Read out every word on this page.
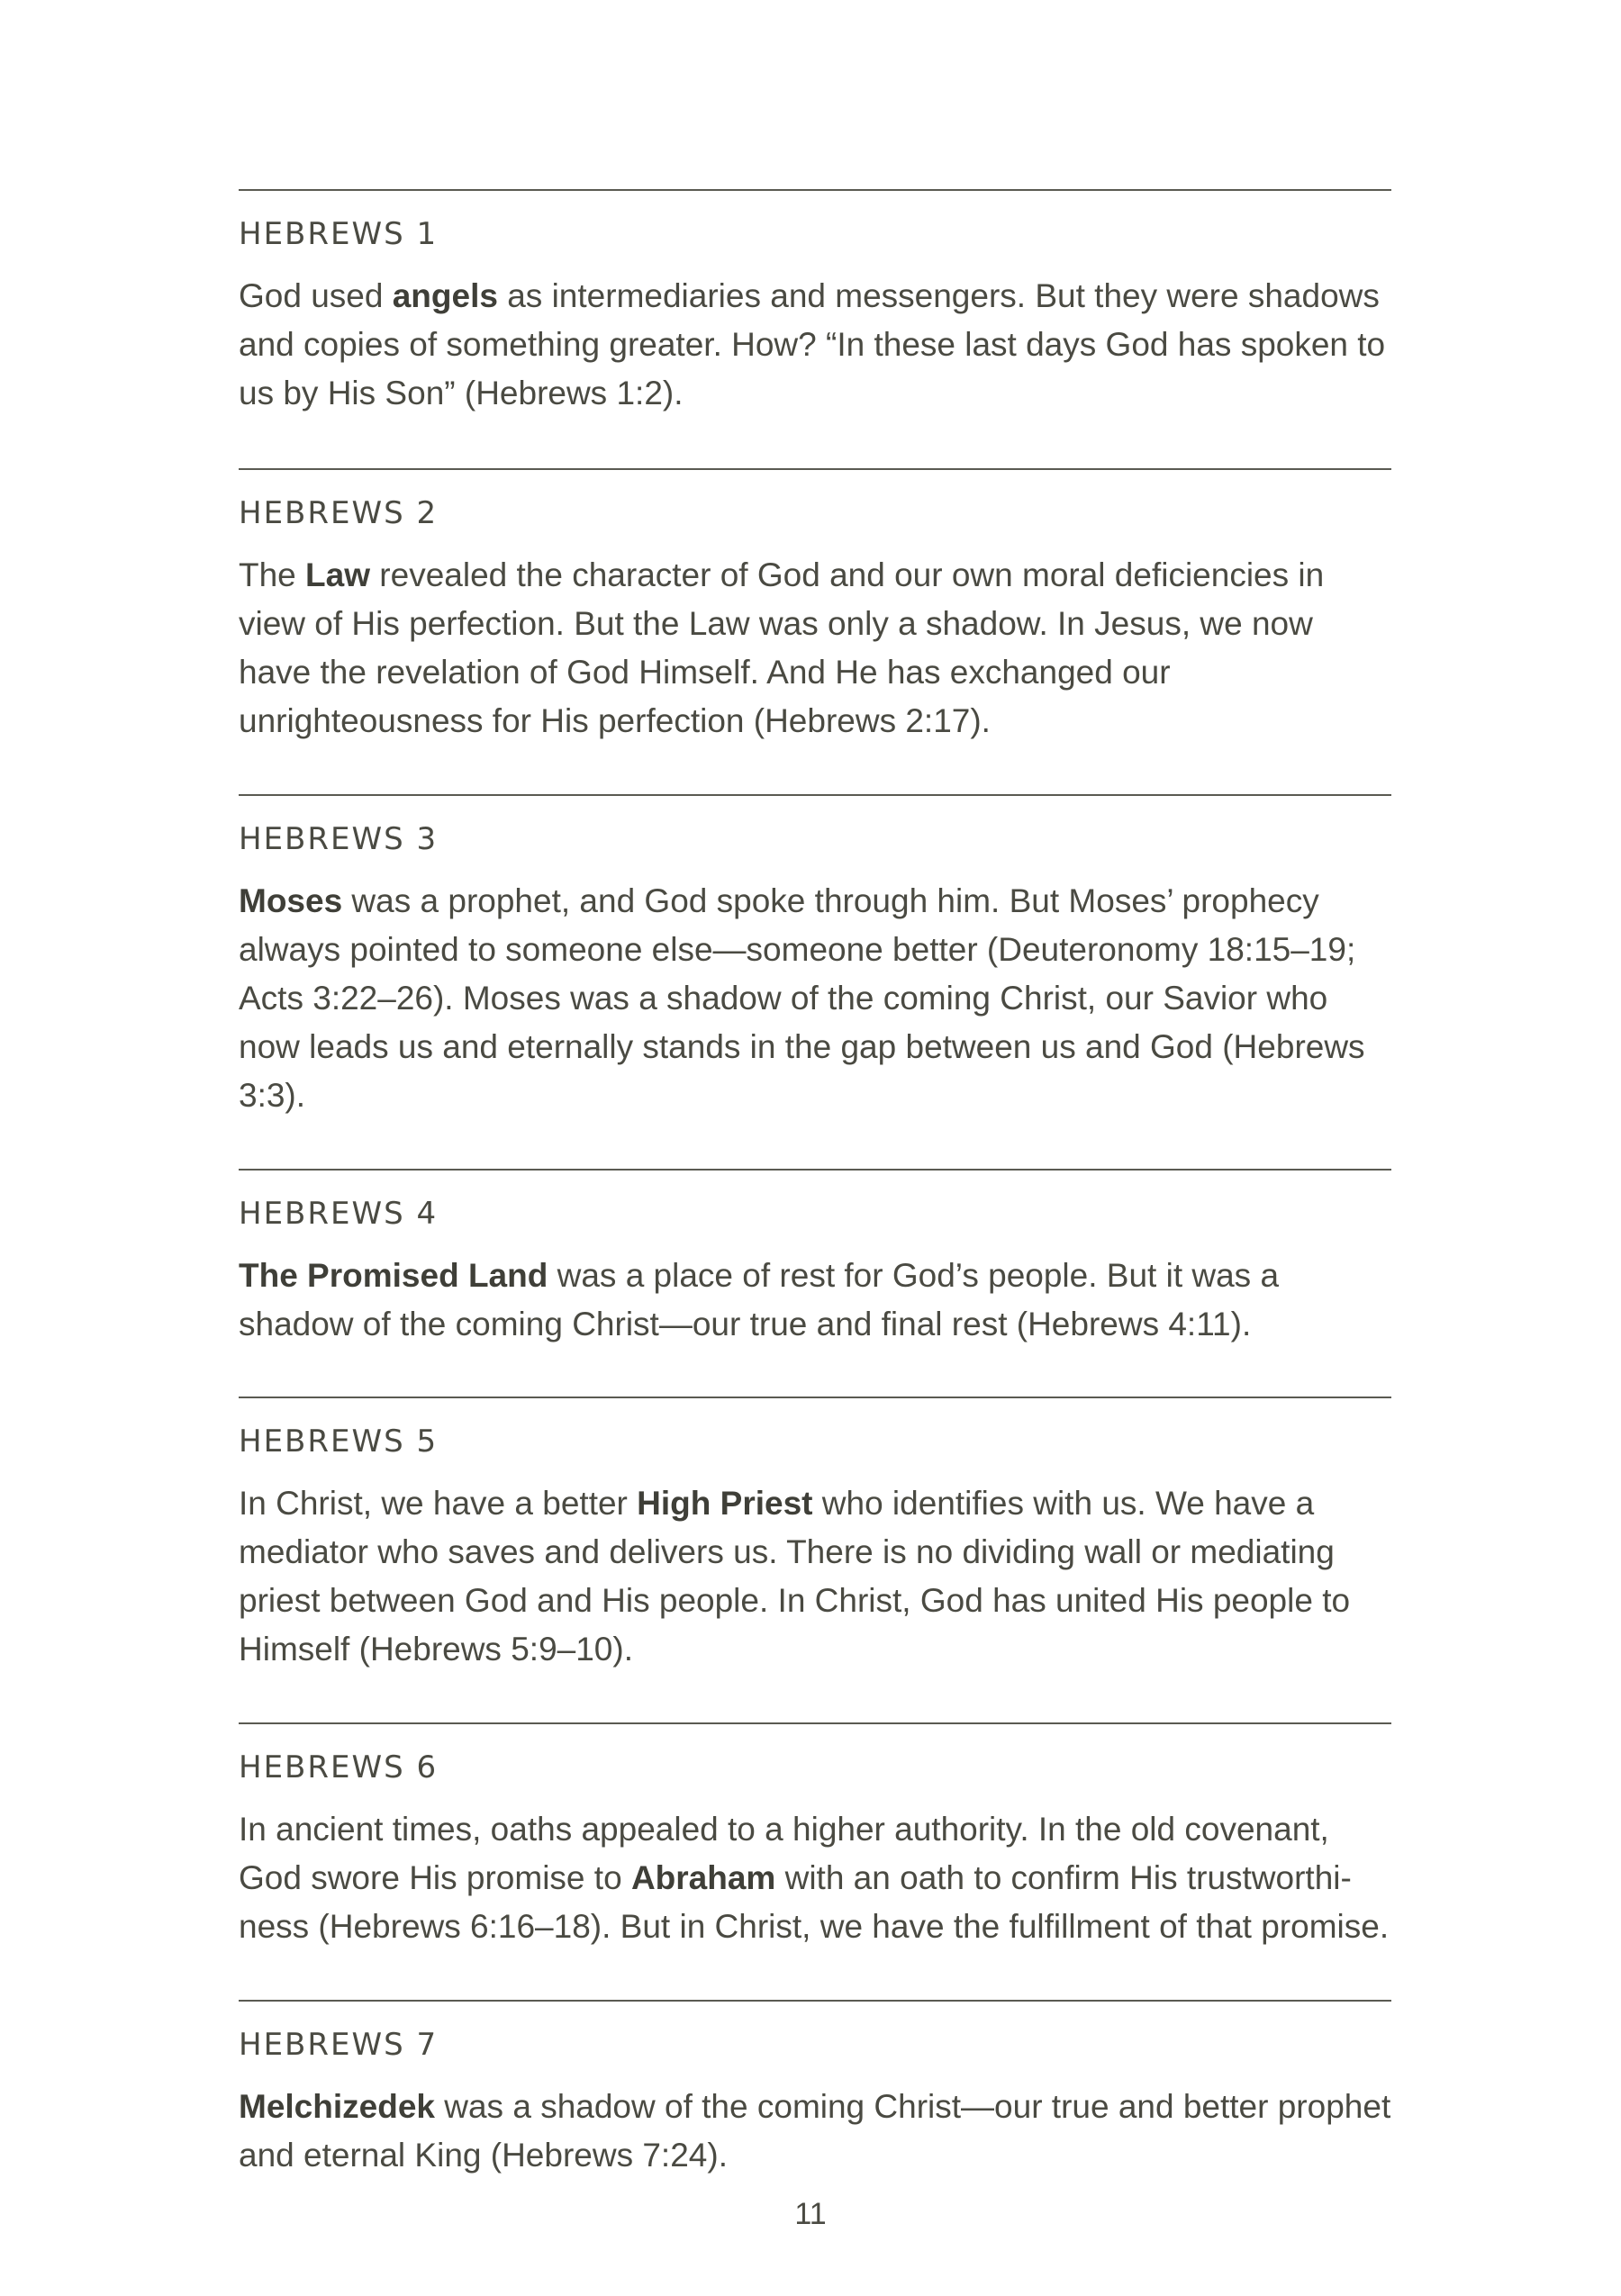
HEBREWS 1
God used angels as intermediaries and messengers. But they were shadows and copies of something greater. How? “In these last days God has spoken to us by His Son” (Hebrews 1:2).
HEBREWS 2
The Law revealed the character of God and our own moral deficiencies in view of His perfection. But the Law was only a shadow. In Jesus, we now have the revelation of God Himself. And He has exchanged our unrighteousness for His perfection (Hebrews 2:17).
HEBREWS 3
Moses was a prophet, and God spoke through him. But Moses’ prophecy always pointed to someone else—someone better (Deuteronomy 18:15–19; Acts 3:22–26). Moses was a shadow of the coming Christ, our Savior who now leads us and eternally stands in the gap between us and God (Hebrews 3:3).
HEBREWS 4
The Promised Land was a place of rest for God’s people. But it was a shadow of the coming Christ—our true and final rest (Hebrews 4:11).
HEBREWS 5
In Christ, we have a better High Priest who identifies with us. We have a mediator who saves and delivers us. There is no dividing wall or mediating priest between God and His people. In Christ, God has united His people to Himself (Hebrews 5:9–10).
HEBREWS 6
In ancient times, oaths appealed to a higher authority. In the old covenant, God swore His promise to Abraham with an oath to confirm His trustworthiness (Hebrews 6:16–18). But in Christ, we have the fulfillment of that promise.
HEBREWS 7
Melchizedek was a shadow of the coming Christ—our true and better prophet and eternal King (Hebrews 7:24).
11
